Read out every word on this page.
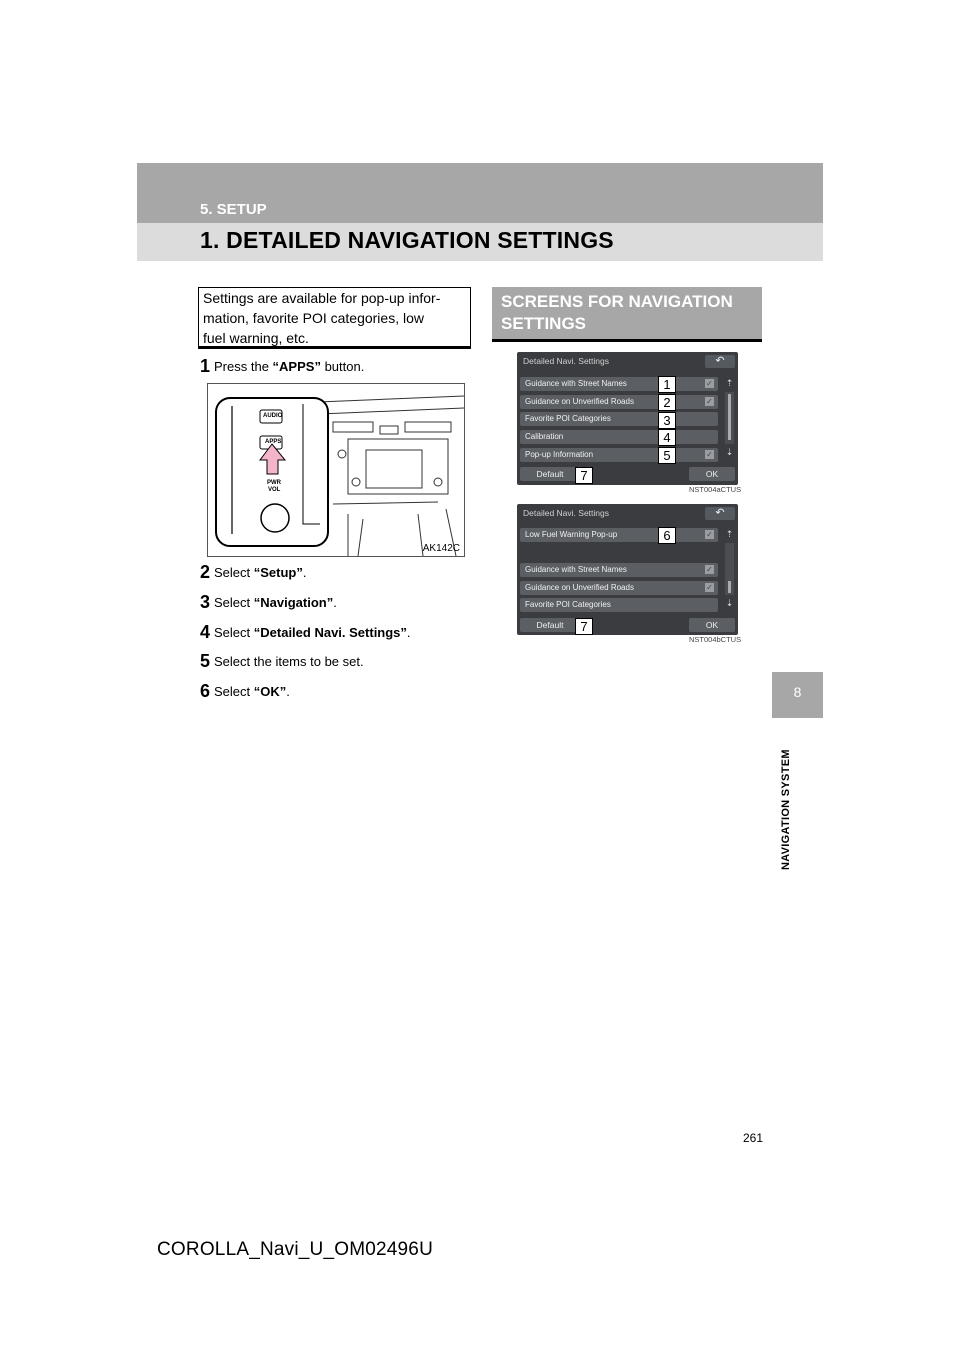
5. SETUP
1. DETAILED NAVIGATION SETTINGS
8
NAVIGATION SYSTEM
Settings are available for pop-up infor-
mation, favorite POI categories, low
fuel warning, etc.
1 Press the “APPS” button.
2 Select “Setup”.
3 Select “Navigation”.
4 Select “Detailed Navi. Settings”.
5 Select the items to be set.
6 Select “OK”.
AUDIO
APPS
PWR
VOL
AK142C
SCREENS FOR NAVIGATION
SETTINGS
Detailed Navi. Settings	↶
Guidance with Street Names	✓
Guidance on Unverified Roads	✓
Favorite POI Categories
Calibration
Pop-up Information	✓
⇡
⇣
Default	OK
1
2
3
4
5
7
NST004aCTUS
Detailed Navi. Settings	↶
Low Fuel Warning Pop-up	✓
Guidance with Street Names	✓
Guidance on Unverified Roads	✓
Favorite POI Categories
⇡
⇣
Default	OK
6
7
NST004bCTUS
261
COROLLA_Navi_U_OM02496U
